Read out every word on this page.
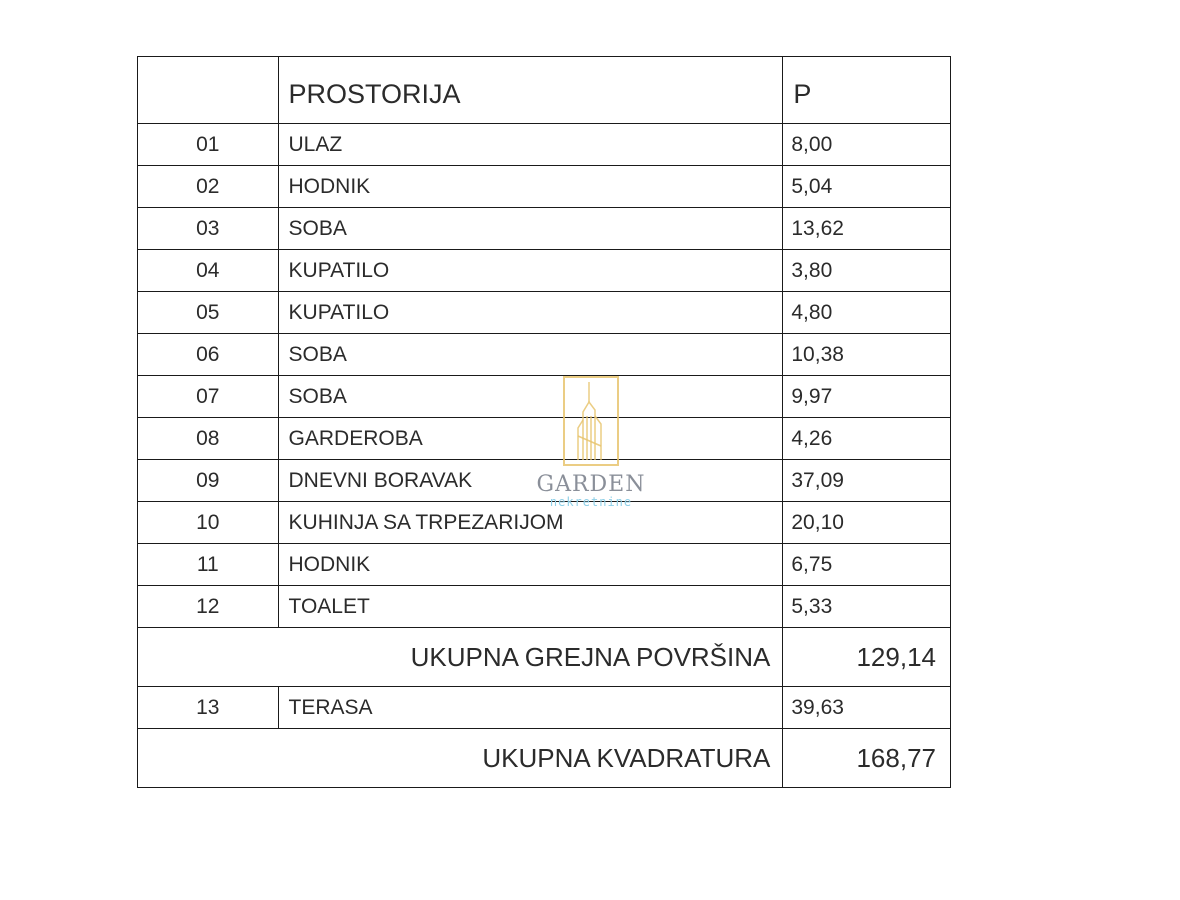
	PROSTORIJA	P
01	ULAZ	8,00
02	HODNIK	5,04
03	SOBA	13,62
04	KUPATILO	3,80
05	KUPATILO	4,80
06	SOBA	10,38
07	SOBA	9,97
08	GARDEROBA	4,26
09	DNEVNI BORAVAK	37,09
10	KUHINJA SA TRPEZARIJOM	20,10
11	HODNIK	6,75
12	TOALET	5,33
UKUPNA GREJNA POVRŠINA		129,14
13	TERASA	39,63
UKUPNA KVADRATURA		168,77
GARDEN
nekretnine
